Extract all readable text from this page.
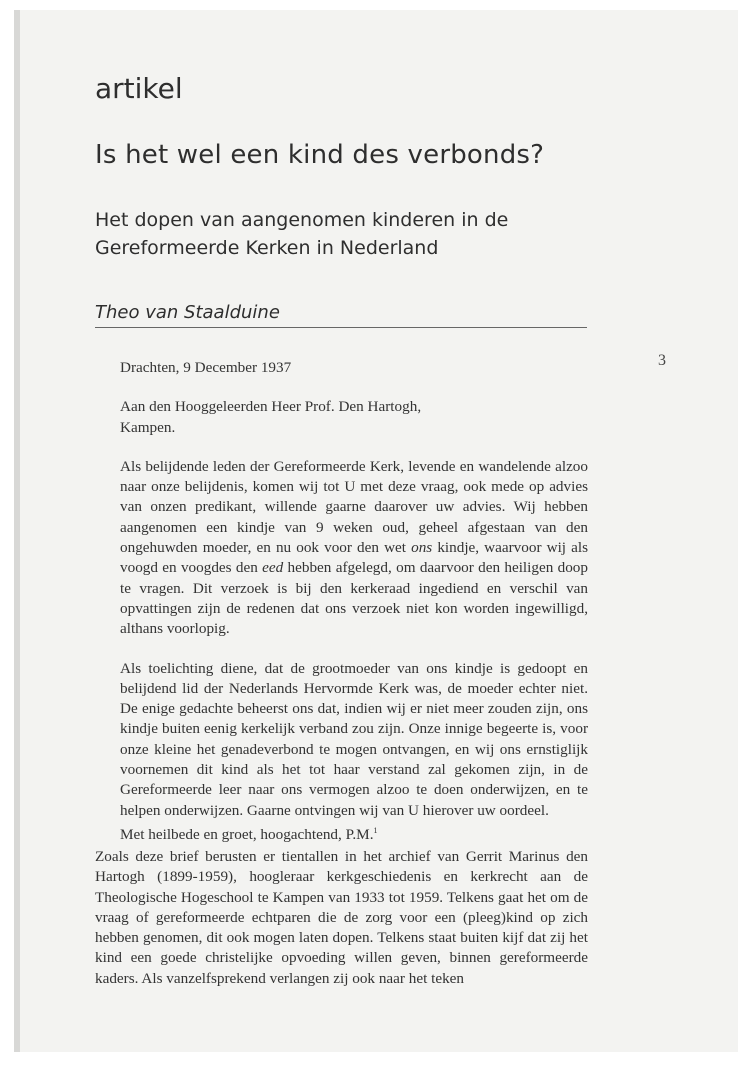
artikel
Is het wel een kind des verbonds?
Het dopen van aangenomen kinderen in de
Gereformeerde Kerken in Nederland
Theo van Staalduine
3

Drachten, 9 December 1937

Aan den Hooggeleerden Heer Prof. Den Hartogh,

Kampen.

Als belijdende leden der Gereformeerde Kerk, levende en wandelende alzoo naar onze belijdenis, komen wij tot U met deze vraag, ook mede op advies van onzen predikant, willende gaarne daarover uw advies. Wij hebben aangenomen een kindje van 9 weken oud, geheel afgestaan van den ongehuwden moeder, en nu ook voor den wet ons kindje, waarvoor wij als voogd en voogdes den eed hebben afgelegd, om daarvoor den heiligen doop te vragen. Dit verzoek is bij den kerkeraad ingediend en verschil van opvattingen zijn de redenen dat ons verzoek niet kon worden ingewilligd, althans voorlopig.

Als toelichting diene, dat de grootmoeder van ons kindje is gedoopt en belijdend lid der Nederlands Hervormde Kerk was, de moeder echter niet. De enige gedachte beheerst ons dat, indien wij er niet meer zouden zijn, ons kindje buiten eenig kerkelijk verband zou zijn. Onze innige begeerte is, voor onze kleine het genadeverbond te mogen ontvangen, en wij ons ernstiglijk voornemen dit kind als het tot haar verstand zal gekomen zijn, in de Gereformeerde leer naar ons vermogen alzoo te doen onderwijzen, en te helpen onderwijzen. Gaarne ontvingen wij van U hierover uw oordeel.

Met heilbede en groet, hoogachtend, P.M.$^1$

Zoals deze brief berusten er tientallen in het archief van Gerrit Marinus den Hartogh (1899-1959), hoogleraar kerkgeschiedenis en kerkrecht aan de Theologische Hogeschool te Kampen van 1933 tot 1959. Telkens gaat het om de vraag of gereformeerde echtparen die de zorg voor een (pleeg)kind op zich hebben genomen, dit ook mogen laten dopen. Telkens staat buiten kijf dat zij het kind een goede christelijke opvoeding willen geven, binnen gereformeerde kaders. Als vanzelfsprekend verlangen zij ook naar het teken
